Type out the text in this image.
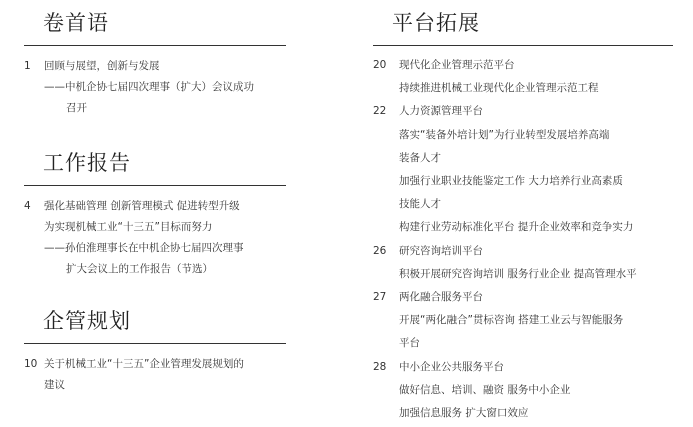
卷首语
1	回顾与展望，创新与发展
——中机企协七届四次理事（扩大）会议成功
召开
工作报告
4	强化基础管理 创新管理模式 促进转型升级
为实现机械工业“十三五”目标而努力
——孙伯淮理事长在中机企协七届四次理事
扩大会议上的工作报告（节选）
企管规划
10 关于机械工业“十三五”企业管理发展规划的
建议
平台拓展
20	现代化企业管理示范平台
持续推进机械工业现代化企业管理示范工程
22	人力资源管理平台
落实“装备外培计划”为行业转型发展培养高端
装备人才
加强行业职业技能鉴定工作 大力培养行业高素质
技能人才
构建行业劳动标准化平台 提升企业效率和竞争实力
26	研究咨询培训平台
积极开展研究咨询培训 服务行业企业 提高管理水平
27	两化融合服务平台
开展“两化融合”贯标咨询 搭建工业云与智能服务
平台
28	中小企业公共服务平台
做好信息、培训、融资 服务中小企业
加强信息服务 扩大窗口效应
